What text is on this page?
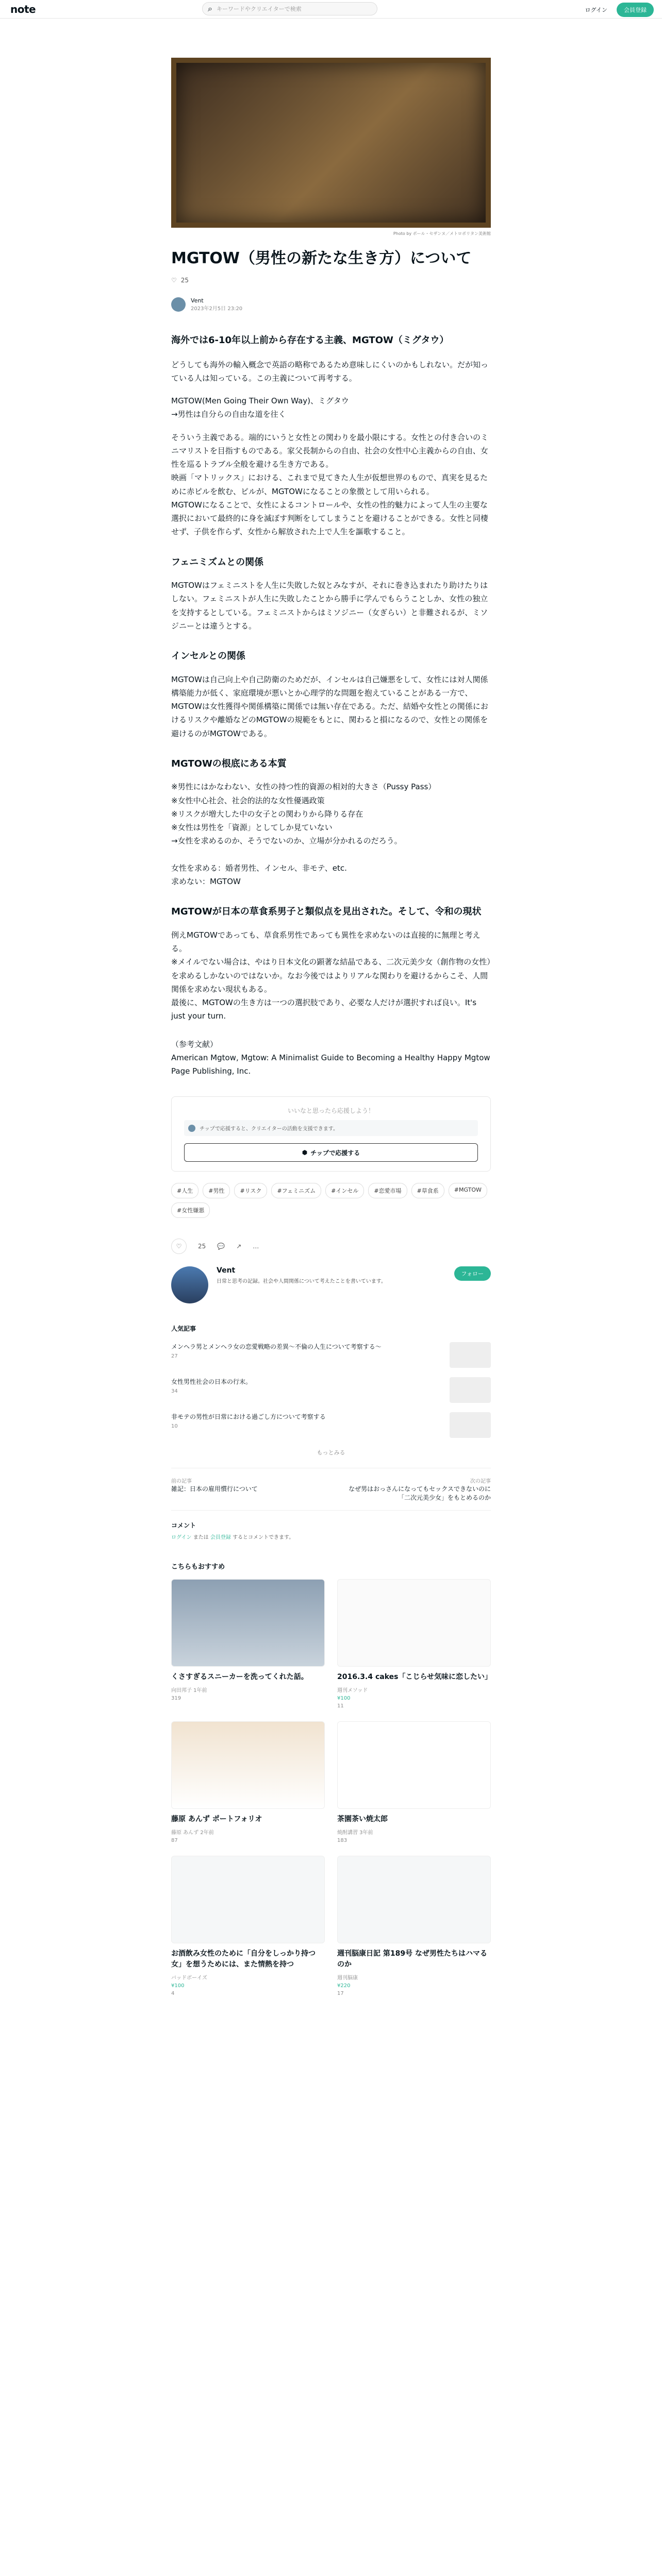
note	⌕ キーワードやクリエイターで検索	ログイン	会員登録
Photo by ポール・セザンヌ／メトロポリタン美術館
MGTOW（男性の新たな生き方）について
♡ 25
Vent
2023年2月5日 23:20

海外では6-10年以上前から存在する主義、MGTOW（ミグタウ）

どうしても海外の輸入概念で英語の略称であるため意味しにくいのかもしれない。だが知っている人は知っている。この主義について再考する。

MGTOW(Men Going Their Own Way)、ミグタウ
→男性は自分らの自由な道を往く

そういう主義である。端的にいうと女性との関わりを最小限にする。女性との付き合いのミニマリストを目指すものである。家父長制からの自由、社会の女性中心主義からの自由、女性を巡るトラブル全般を避ける生き方である。
映画「マトリックス」における、これまで見てきた人生が仮想世界のもので、真実を見るために赤ピルを飲む、ピルが、MGTOWになることの象徴として用いられる。
MGTOWになることで、女性によるコントロールや、女性の性的魅力によって人生の主要な選択において最終的に身を滅ぼす判断をしてしまうことを避けることができる。女性と同棲せず、子供を作らず、女性から解放された上で人生を謳歌すること。

フェニミズムとの関係

MGTOWはフェミニストを人生に失敗した奴とみなすが、それに巻き込まれたり助けたりはしない。フェミニストが人生に失敗したことから勝手に学んでもらうことしか、女性の独立を支持するとしている。フェミニストからはミソジニー（女ぎらい）と非難されるが、ミソジニーとは違うとする。

インセルとの関係

MGTOWは自己向上や自己防衛のためだが、インセルは自己嫌悪をして、女性には対人関係構築能力が低く、家庭環境が悪いとか心理学的な問題を抱えていることがある一方で、MGTOWは女性獲得や関係構築に関係では無い存在である。ただ、結婚や女性との関係におけるリスクや離婚などのMGTOWの規範をもとに、関わると損になるので、女性との関係を避けるのがMGTOWである。

MGTOWの根底にある本質

※男性にはかなわない、女性の持つ性的資源の相対的大きさ（Pussy Pass）
※女性中心社会、社会的法的な女性優遇政策
※リスクが増大した中の女子との関わりから降りる存在
※女性は男性を「資源」としてしか見ていない
→女性を求めるのか、そうでないのか、立場が分かれるのだろう。

女性を求める：婚者男性、インセル、非モテ、etc.
求めない：MGTOW

MGTOWが日本の草食系男子と類似点を見出された。そして、令和の現状

例えMGTOWであっても、草食系男性であっても異性を求めないのは直接的に無理と考える。
※メイルでない場合は、やはり日本文化の顕著な結晶である、二次元美少女（創作物の女性）を求めるしかないのではないか。なお今後ではよりリアルな関わりを避けるからこそ、人間関係を求めない現状もある。
最後に、MGTOWの生き方は一つの選択肢であり、必要な人だけが選択すれば良い。It's just your turn.

（参考文献）
American Mgtow, Mgtow: A Minimalist Guide to Becoming a Healthy Happy Mgtow Page Publishing, Inc.
いいなと思ったら応援しよう！
チップで応援すると、クリエイターの活動を支援できます。
⬢ チップで応援する
#人生	#男性	#リスク	#フェミニズム	#インセル	#恋愛市場	#草食系	#MGTOW
#女性嫌悪
♡	25 💬 ↗ …
Vent
日常と思考の記録。社会や人間関係について考えたことを書いています。
フォロー
人気記事
メンヘラ男とメンヘラ女の恋愛戦略の差異～不倫の人生について考察する～
27
女性男性社会の日本の行末。
34
非モテの男性が日常における過ごし方について考察する
10
もっとみる
前の記事
雑記：日本の雇用慣行について
次の記事
なぜ男はおっさんになってもセックスできないのに「二次元美少女」をもとめるのか
コメント
ログイン または 会員登録 するとコメントできます。
こちらもおすすめ
くさすぎるスニーカーを洗ってくれた話。
向田邦子 1年前
319
2016.3.4 cakes「こじらせ気味に恋したい」
週刊メソッド
¥100
11
藤原 あんず ポートフォリオ
藤原 あんず 2年前
87
茶園茶い焼太郎
焼酎講習 3年前
183
お酒飲み女性のために「自分をしっかり持つ女」を想うためには、また情熱を持つ
バッドボーイズ
¥100
4
週刊脳康日記 第189号 なぜ男性たちはハマるのか
週刊脳康
¥220
17
